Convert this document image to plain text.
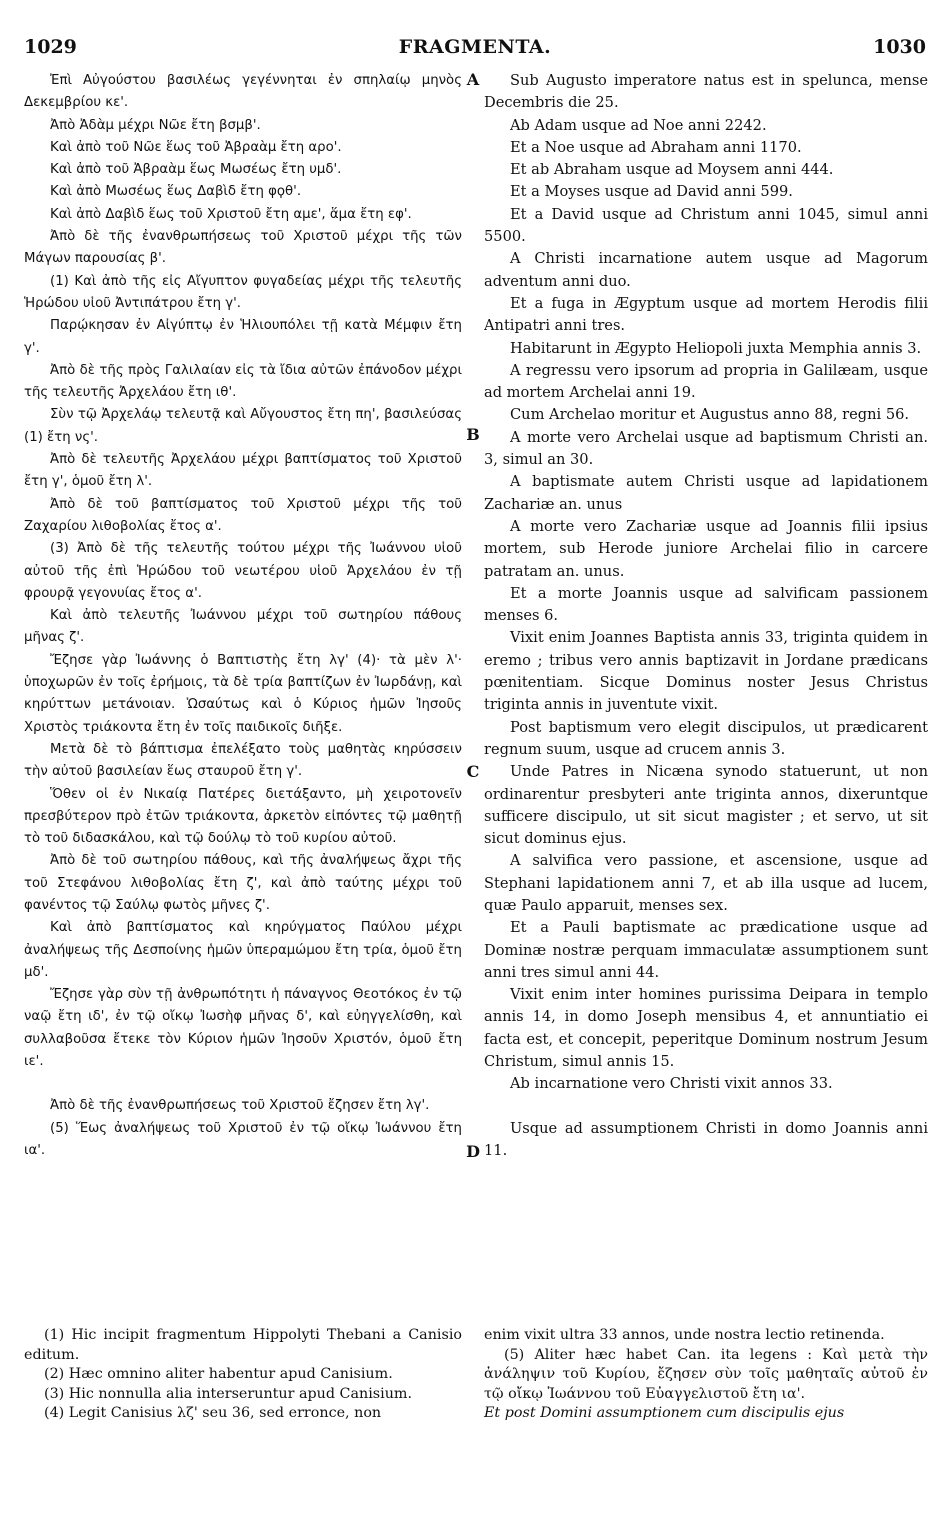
1029	FRAGMENTA.	1030

Ἐπὶ Αὐγούστου βασιλέως γεγέννηται ἐν σπηλαίῳ μηνὸς Δεκεμβρίου κε'.

Ἀπὸ Ἀδὰμ μέχρι Νῶε ἔτη βσμβ'.

Καὶ ἀπὸ τοῦ Νῶε ἕως τοῦ Ἀβραὰμ ἔτη αρο'.

Καὶ ἀπὸ τοῦ Ἀβραὰμ ἕως Μωσέως ἔτη υμδ'.

Καὶ ἀπὸ Μωσέως ἕως Δαβὶδ ἔτη φϙθ'.

Καὶ ἀπὸ Δαβὶδ ἕως τοῦ Χριστοῦ ἔτη αμε', ἅμα ἔτη εφ'.

Ἀπὸ δὲ τῆς ἐνανθρωπήσεως τοῦ Χριστοῦ μέχρι τῆς τῶν Μάγων παρουσίας β'.

(1) Καὶ ἀπὸ τῆς εἰς Αἴγυπτον φυγαδείας μέχρι τῆς τελευτῆς Ἡρώδου υἱοῦ Ἀντιπάτρου ἔτη γ'.

Παρῴκησαν ἐν Αἰγύπτῳ ἐν Ἡλιουπόλει τῇ κατὰ Μέμφιν ἔτη γ'.

Ἀπὸ δὲ τῆς πρὸς Γαλιλαίαν εἰς τὰ ἴδια αὐτῶν ἐπάνοδον μέχρι τῆς τελευτῆς Ἀρχελάου ἔτη ιθ'.

Σὺν τῷ Ἀρχελάῳ τελευτᾷ καὶ Αὔγουστος ἔτη πη', βασιλεύσας (1) ἔτη νς'.

Ἀπὸ δὲ τελευτῆς Ἀρχελάου μέχρι βαπτίσματος τοῦ Χριστοῦ ἔτη γ', ὁμοῦ ἔτη λ'.

Ἀπὸ δὲ τοῦ βαπτίσματος τοῦ Χριστοῦ μέχρι τῆς τοῦ Ζαχαρίου λιθοβολίας ἔτος α'.

(3) Ἀπὸ δὲ τῆς τελευτῆς τούτου μέχρι τῆς Ἰωάννου υἱοῦ αὐτοῦ τῆς ἐπὶ Ἡρώδου τοῦ νεωτέρου υἱοῦ Ἀρχελάου ἐν τῇ φρουρᾷ γεγονυίας ἔτος α'.

Καὶ ἀπὸ τελευτῆς Ἰωάννου μέχρι τοῦ σωτηρίου πάθους μῆνας ζ'.

Ἔζησε γὰρ Ἰωάννης ὁ Βαπτιστὴς ἔτη λγ' (4)· τὰ μὲν λ'· ὑποχωρῶν ἐν τοῖς ἐρήμοις, τὰ δὲ τρία βαπτίζων ἐν Ἰωρδάνῃ, καὶ κηρύττων μετάνοιαν. Ὡσαύτως καὶ ὁ Κύριος ἡμῶν Ἰησοῦς Χριστὸς τριάκοντα ἔτη ἐν τοῖς παιδικοῖς διῆξε.

Μετὰ δὲ τὸ βάπτισμα ἐπελέξατο τοὺς μαθητὰς κηρύσσειν τὴν αὐτοῦ βασιλείαν ἕως σταυροῦ ἔτη γ'.

Ὅθεν οἱ ἐν Νικαίᾳ Πατέρες διετάξαντο, μὴ χειροτονεῖν πρεσβύτερον πρὸ ἐτῶν τριάκοντα, ἀρκετὸν εἰπόντες τῷ μαθητῇ τὸ τοῦ διδασκάλου, καὶ τῷ δούλῳ τὸ τοῦ κυρίου αὐτοῦ.

Ἀπὸ δὲ τοῦ σωτηρίου πάθους, καὶ τῆς ἀναλήψεως ἄχρι τῆς τοῦ Στεφάνου λιθοβολίας ἔτη ζ', καὶ ἀπὸ ταύτης μέχρι τοῦ φανέντος τῷ Σαύλῳ φωτὸς μῆνες ζ'.

Καὶ ἀπὸ βαπτίσματος καὶ κηρύγματος Παύλου μέχρι ἀναλήψεως τῆς Δεσποίνης ἡμῶν ὑπεραμώμου ἔτη τρία, ὁμοῦ ἔτη μδ'.

Ἔζησε γὰρ σὺν τῇ ἀνθρωπότητι ἡ πάναγνος Θεοτόκος ἐν τῷ ναῷ ἔτη ιδ', ἐν τῷ οἴκῳ Ἰωσὴφ μῆνας δ', καὶ εὐηγγελίσθη, καὶ συλλαβοῦσα ἔτεκε τὸν Κύριον ἡμῶν Ἰησοῦν Χριστόν, ὁμοῦ ἔτη ιε'.

Ἀπὸ δὲ τῆς ἐνανθρωπήσεως τοῦ Χριστοῦ ἔζησεν ἔτη λγ'.

(5) Ἕως ἀναλήψεως τοῦ Χριστοῦ ἐν τῷ οἴκῳ Ἰωάννου ἔτη ια'.

Sub Augusto imperatore natus est in spelunca, mense Decembris die 25.

Ab Adam usque ad Noe anni 2242.

Et a Noe usque ad Abraham anni 1170.

Et ab Abraham usque ad Moysem anni 444.

Et a Moyses usque ad David anni 599.

Et a David usque ad Christum anni 1045, simul anni 5500.

A Christi incarnatione autem usque ad Magorum adventum anni duo.

Et a fuga in Ægyptum usque ad mortem Herodis filii Antipatri anni tres.

Habitarunt in Ægypto Heliopoli juxta Memphia annis 3.

A regressu vero ipsorum ad propria in Galilæam, usque ad mortem Archelai anni 19.

Cum Archelao moritur et Augustus anno 88, regni 56.

A morte vero Archelai usque ad baptismum Christi an. 3, simul an 30.

A baptismate autem Christi usque ad lapidationem Zachariæ an. unus

A morte vero Zachariæ usque ad Joannis filii ipsius mortem, sub Herode juniore Archelai filio in carcere patratam an. unus.

Et a morte Joannis usque ad salvificam passionem menses 6.

Vixit enim Joannes Baptista annis 33, triginta quidem in eremo ; tribus vero annis baptizavit in Jordane prædicans pœnitentiam. Sicque Dominus noster Jesus Christus triginta annis in juventute vixit.

Post baptismum vero elegit discipulos, ut prædicarent regnum suum, usque ad crucem annis 3.

Unde Patres in Nicæna synodo statuerunt, ut non ordinarentur presbyteri ante triginta annos, dixeruntque sufficere discipulo, ut sit sicut magister ; et servo, ut sit sicut dominus ejus.

A salvifica vero passione, et ascensione, usque ad Stephani lapidationem anni 7, et ab illa usque ad lucem, quæ Paulo apparuit, menses sex.

Et a Pauli baptismate ac prædicatione usque ad Dominæ nostræ perquam immaculatæ assumptionem sunt anni tres simul anni 44.

Vixit enim inter homines purissima Deipara in templo annis 14, in domo Joseph mensibus 4, et annuntiatio ei facta est, et concepit, peperitque Dominum nostrum Jesum Christum, simul annis 15.

Ab incarnatione vero Christi vixit annos 33.

Usque ad assumptionem Christi in domo Joannis anni 11.

A
B
C
D

(1) Hic incipit fragmentum Hippolyti Thebani a Canisio editum.

(2) Hæc omnino aliter habentur apud Canisium.

(3) Hic nonnulla alia interseruntur apud Canisium.

(4) Legit Canisius λζ' seu 36, sed erronce, non

enim vixit ultra 33 annos, unde nostra lectio retinenda.

(5) Aliter hæc habet Can. ita legens : Καὶ μετὰ τὴν ἀνάληψιν τοῦ Κυρίου, ἔζησεν σὺν τοῖς μαθηταῖς αὐτοῦ ἐν τῷ οἴκῳ Ἰωάννου τοῦ Εὐαγγελιστοῦ ἔτη ια'.

Et post Domini assumptionem cum discipulis ejus
